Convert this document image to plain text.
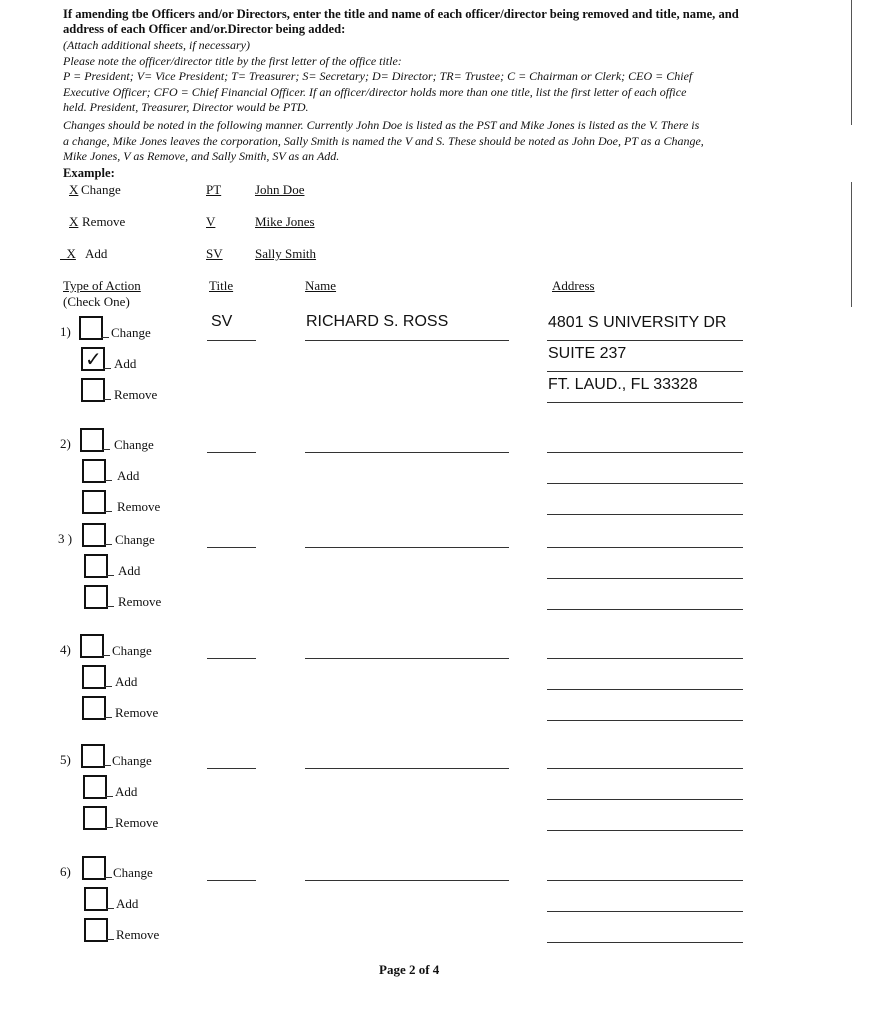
If amending tbe Officers and/or Directors, enter the title and name of each officer/director being removed and title, name, and
address of each Officer and/or.Director being added:
(Attach additional sheets, if necessary)
Please note the officer/director title by the first letter of the office title:
P = President; V= Vice President; T= Treasurer; S= Secretary; D= Director; TR= Trustee; C = Chairman or Clerk; CEO = Chief
Executive Officer; CFO = Chief Financial Officer. If an officer/director holds more than one title, list the first letter of each office
held. President, Treasurer, Director would be PTD.
Changes should be noted in the following manner. Currently John Doe is listed as the PST and Mike Jones is listed as the V. There is
a change, Mike Jones leaves the corporation, Sally Smith is named the V and S. These should be noted as John Doe, PT as a Change,
Mike Jones, V as Remove, and Sally Smith, SV as an Add.
Example:
X Change	PT	John Doe
X Remove	V	Mike Jones
X Add	SV Sally Smith
Type of Action
(Check One)
Title	Name	Address
1)	Change
✓ Add
Remove
SV	RICHARD S. ROSS	4801 S UNIVERSITY DR
SUITE 237
FT. LAUD., FL 33328
2)	Change
Add
Remove
3 )	Change
Add
Remove
4)	Change
Add
Remove
5)	Change
Add
Remove
6)	Change
Add
Remove
Page 2 of 4
